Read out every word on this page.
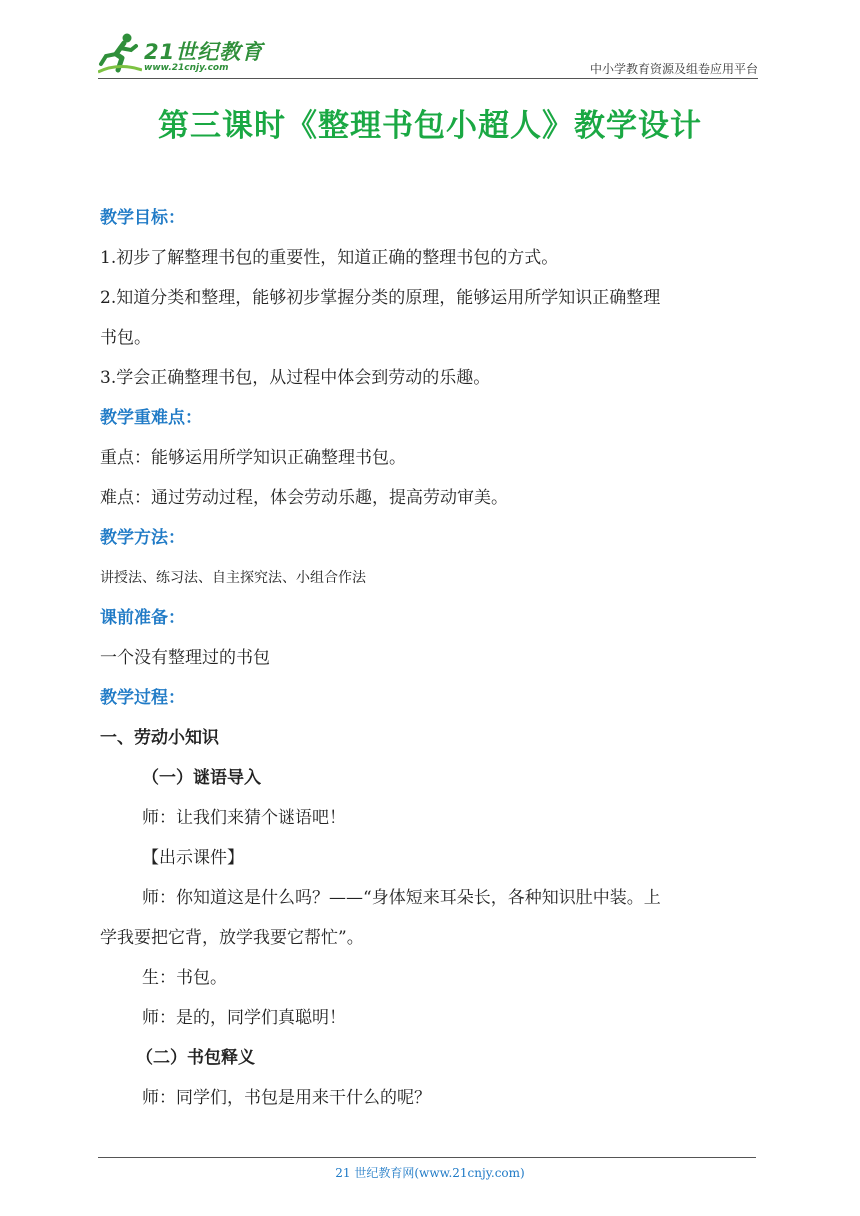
21世纪教育
www.21cnjy.com	中小学教育资源及组卷应用平台
第三课时《整理书包小超人》教学设计

教学目标：

1.初步了解整理书包的重要性，知道正确的整理书包的方式。

2.知道分类和整理，能够初步掌握分类的原理，能够运用所学知识正确整理

书包。

3.学会正确整理书包，从过程中体会到劳动的乐趣。

教学重难点：

重点：能够运用所学知识正确整理书包。

难点：通过劳动过程，体会劳动乐趣，提高劳动审美。

教学方法：

讲授法、练习法、自主探究法、小组合作法

课前准备：

一个没有整理过的书包

教学过程：

一、劳动小知识

（一）谜语导入

师：让我们来猜个谜语吧！

【出示课件】

师：你知道这是什么吗？——“身体短来耳朵长，各种知识肚中装。上

学我要把它背，放学我要它帮忙”。

生：书包。

师：是的，同学们真聪明！

（二）书包释义

师：同学们，书包是用来干什么的呢？

21 世纪教育网(www.21cnjy.com)
